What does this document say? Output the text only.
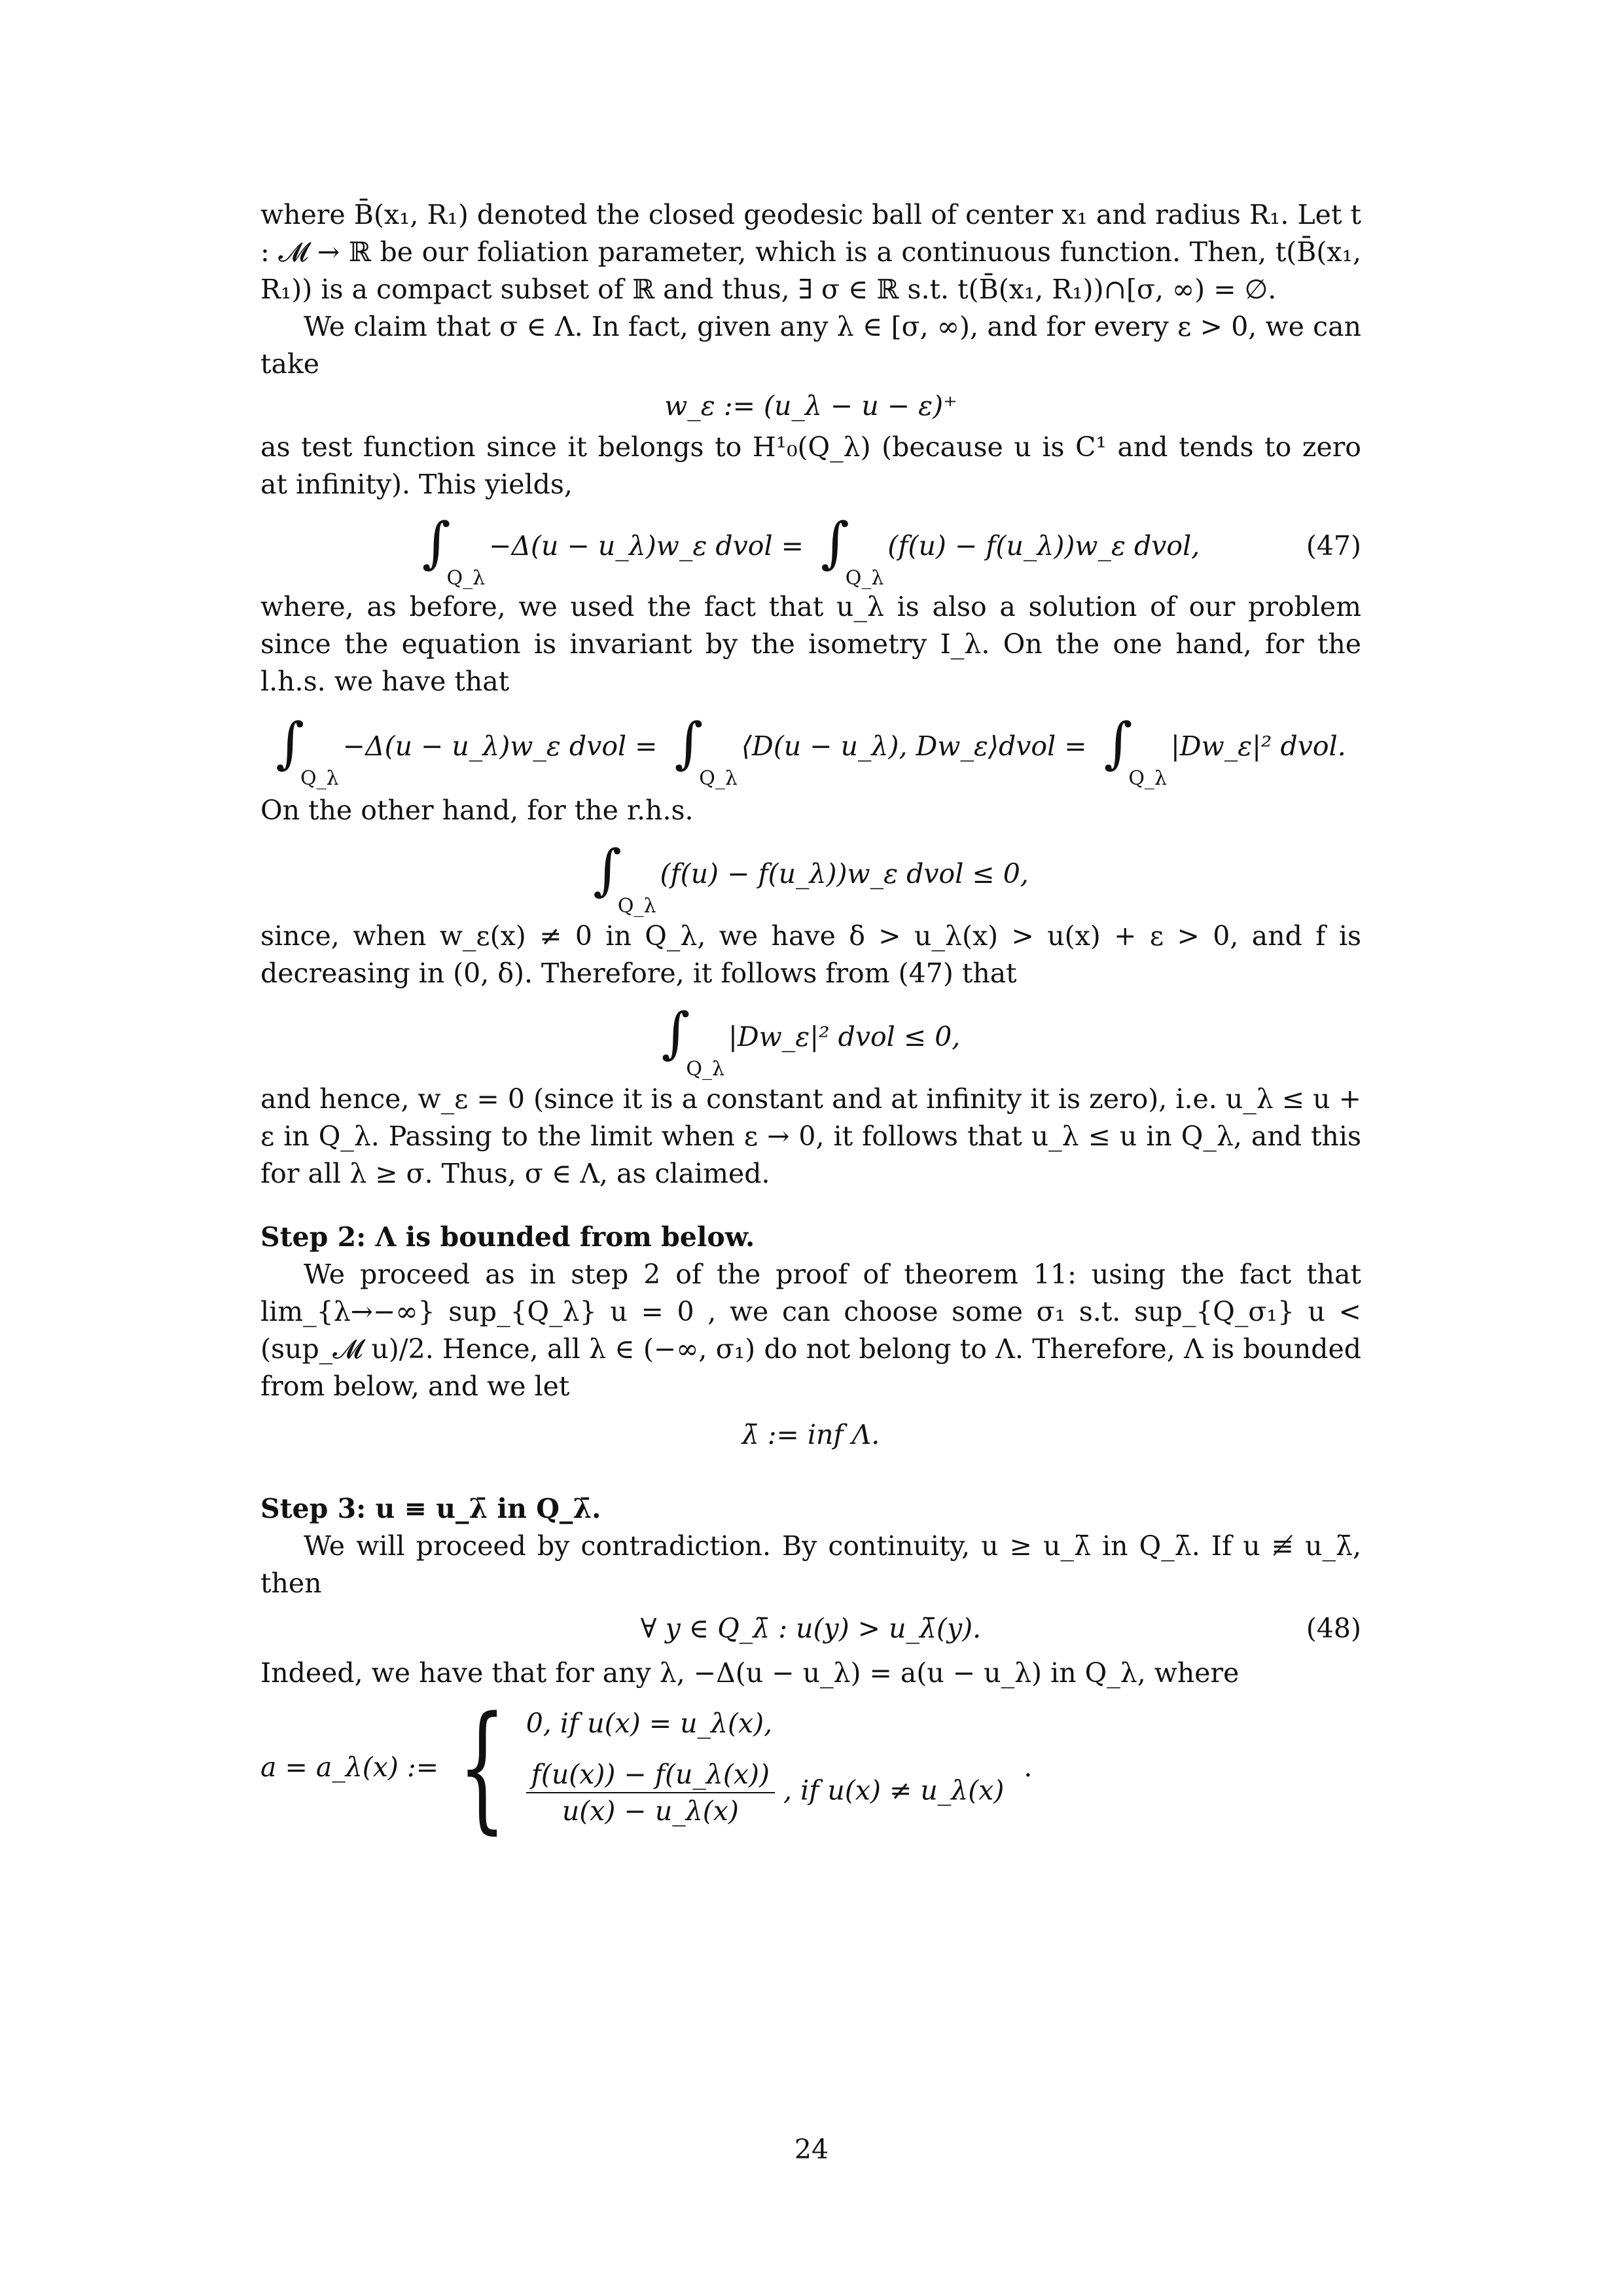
where B̄(x₁, R₁) denoted the closed geodesic ball of center x₁ and radius R₁. Let t : 𝓜 → ℝ be our foliation parameter, which is a continuous function. Then, t(B̄(x₁, R₁)) is a compact subset of ℝ and thus, ∃ σ ∈ ℝ s.t. t(B̄(x₁, R₁))∩[σ, ∞) = ∅.

We claim that σ ∈ Λ. In fact, given any λ ∈ [σ, ∞), and for every ε > 0, we can take

w_ε := (u_λ − u − ε)⁺

as test function since it belongs to H¹₀(Q_λ) (because u is C¹ and tends to zero at infinity). This yields,

$\int_{Q\_\lambda}$
−Δ(u − u_λ)w_ε dvol = $\int_{Q\_\lambda}$
(f(u) − f(u_λ))w_ε dvol,	(47)

where, as before, we used the fact that u_λ is also a solution of our problem since the equation is invariant by the isometry I_λ. On the one hand, for the l.h.s. we have that

$\int_{Q\_\lambda}$
−Δ(u − u_λ)w_ε dvol = $\int_{Q\_\lambda}$
⟨D(u − u_λ), Dw_ε⟩dvol = $\int_{Q\_\lambda}$
|Dw_ε|² dvol.

On the other hand, for the r.h.s.

$\int_{Q\_\lambda}$
(f(u) − f(u_λ))w_ε dvol ≤ 0,

since, when w_ε(x) ≠ 0 in Q_λ, we have δ > u_λ(x) > u(x) + ε > 0, and f is decreasing in (0, δ). Therefore, it follows from (47) that

$\int_{Q\_\lambda}$
|Dw_ε|² dvol ≤ 0,

and hence, w_ε = 0 (since it is a constant and at infinity it is zero), i.e. u_λ ≤ u + ε in Q_λ. Passing to the limit when ε → 0, it follows that u_λ ≤ u in Q_λ, and this for all λ ≥ σ. Thus, σ ∈ Λ, as claimed.

Step 2: Λ is bounded from below.

We proceed as in step 2 of the proof of theorem 11: using the fact that lim_{λ→−∞} sup_{Q_λ} u = 0 , we can choose some σ₁ s.t. sup_{Q_σ₁} u < (sup_𝓜 u)/2. Hence, all λ ∈ (−∞, σ₁) do not belong to Λ. Therefore, Λ is bounded from below, and we let

λ̄ := inf Λ.

Step 3: u ≡ u_λ̄ in Q_λ̄.

We will proceed by contradiction. By continuity, u ≥ u_λ̄ in Q_λ̄. If u ≢ u_λ̄, then

∀ y ∈ Q_λ̄ : u(y) > u_λ̄(y).	(48)

Indeed, we have that for any λ, −Δ(u − u_λ) = a(u − u_λ) in Q_λ, where

a = a_λ(x) := { 0, if u(x) = u_λ(x),
$\frac{f(u(x)) - f(u\_\lambda(x))}{u(x) - u\_\lambda(x)}$ , if u(x) ≠ u_λ(x)
.
24
